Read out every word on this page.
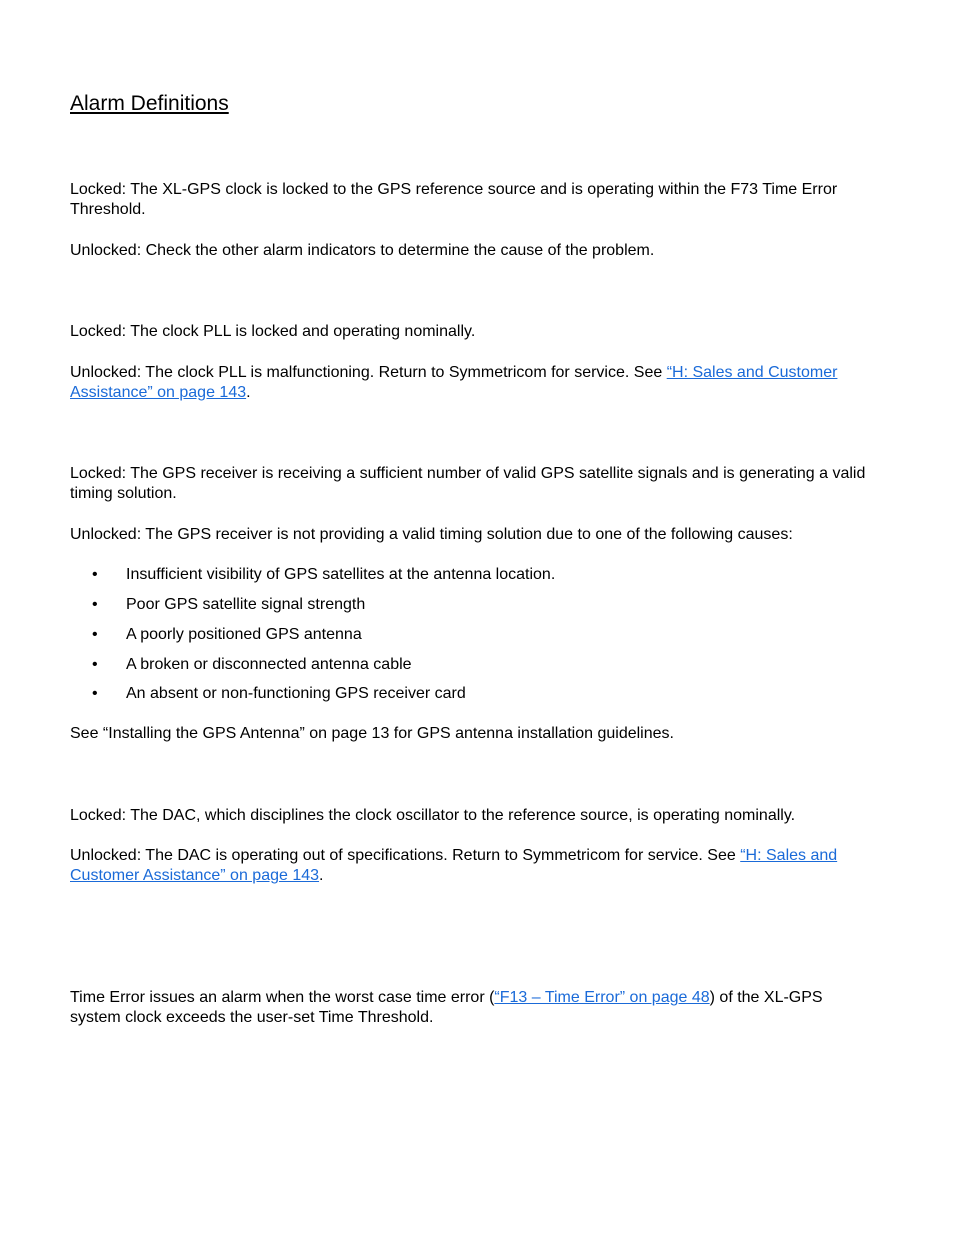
Alarm Definitions

Locked: The XL-GPS clock is locked to the GPS reference source and is operating within the F73 Time Error Threshold.

Unlocked: Check the other alarm indicators to determine the cause of the problem.

Locked: The clock PLL is locked and operating nominally.

Unlocked: The clock PLL is malfunctioning. Return to Symmetricom for service. See “H: Sales and Customer Assistance” on page 143.

Locked: The GPS receiver is receiving a sufficient number of valid GPS satellite signals and is generating a valid timing solution.

Unlocked: The GPS receiver is not providing a valid timing solution due to one of the following causes:

• Insufficient visibility of GPS satellites at the antenna location.
• Poor GPS satellite signal strength
• A poorly positioned GPS antenna
• A broken or disconnected antenna cable
• An absent or non-functioning GPS receiver card

See “Installing the GPS Antenna” on page 13 for GPS antenna installation guidelines.

Locked: The DAC, which disciplines the clock oscillator to the reference source, is operating nominally.

Unlocked: The DAC is operating out of specifications. Return to Symmetricom for service. See “H: Sales and Customer Assistance” on page 143.

Time Error issues an alarm when the worst case time error (“F13 – Time Error” on page 48) of the XL-GPS system clock exceeds the user-set Time Threshold.
